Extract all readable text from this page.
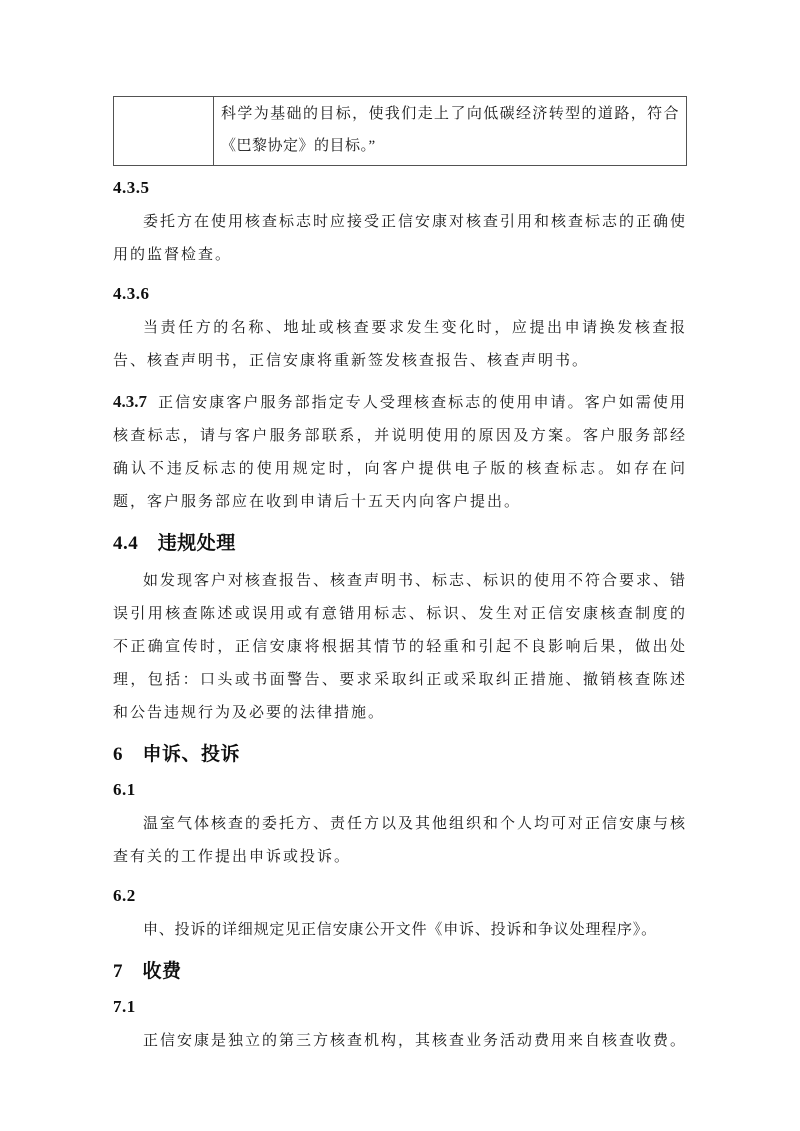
	科学为基础的目标，使我们走上了向低碳经济转型的道路，符合《巴黎协定》的目标。”
4.3.5

委托方在使用核查标志时应接受正信安康对核查引用和核查标志的正确使用的监督检查。

4.3.6

当责任方的名称、地址或核查要求发生变化时，应提出申请换发核查报告、核查声明书，正信安康将重新签发核查报告、核查声明书。

4.3.7 正信安康客户服务部指定专人受理核查标志的使用申请。客户如需使用核查标志，请与客户服务部联系，并说明使用的原因及方案。客户服务部经确认不违反标志的使用规定时，向客户提供电子版的核查标志。如存在问题，客户服务部应在收到申请后十五天内向客户提出。

4.4　违规处理

如发现客户对核查报告、核查声明书、标志、标识的使用不符合要求、错误引用核查陈述或误用或有意错用标志、标识、发生对正信安康核查制度的不正确宣传时，正信安康将根据其情节的轻重和引起不良影响后果，做出处理，包括：口头或书面警告、要求采取纠正或采取纠正措施、撤销核查陈述和公告违规行为及必要的法律措施。

6　申诉、投诉
6.1

温室气体核查的委托方、责任方以及其他组织和个人均可对正信安康与核查有关的工作提出申诉或投诉。

6.2

申、投诉的详细规定见正信安康公开文件《申诉、投诉和争议处理程序》。

7　收费
7.1

正信安康是独立的第三方核查机构，其核查业务活动费用来自核查收费。
